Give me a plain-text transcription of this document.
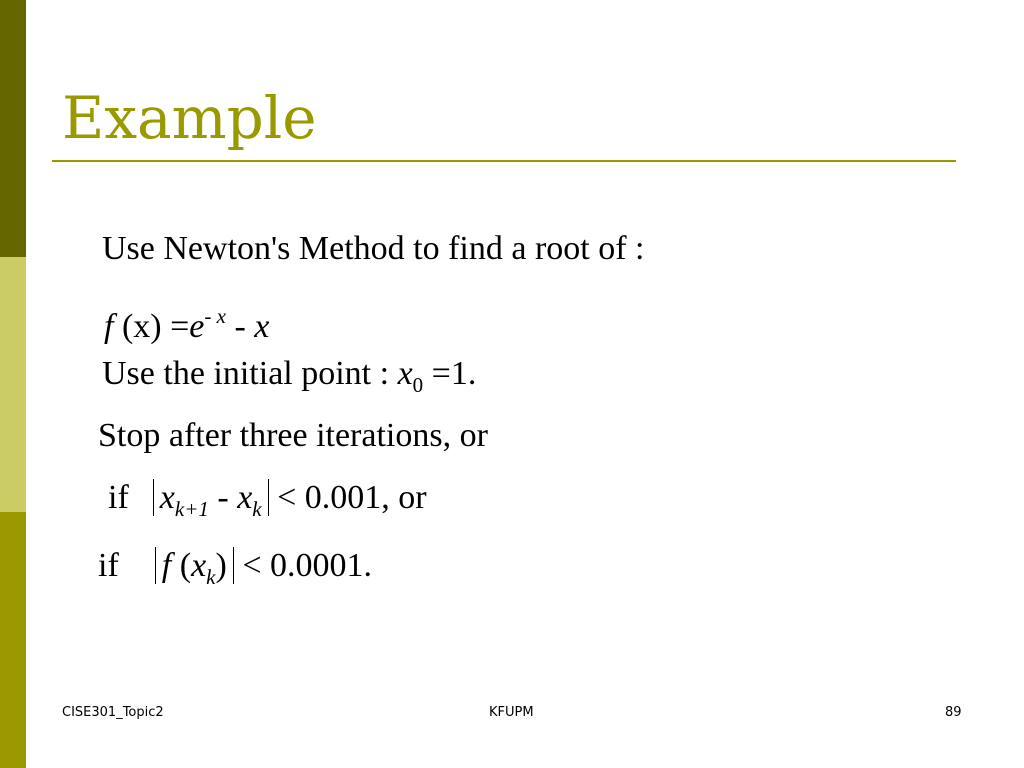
Example
Use Newton's Method to find a root of :
f $(x) =e^{- x} - x$
Use the initial point : $x_0 =1$.
Stop after three iterations, or
if $x_{k+1} - x_k < 0.001$, or
if f $(x_k) < 0.0001$.
CISE301_Topic2	KFUPM	89
